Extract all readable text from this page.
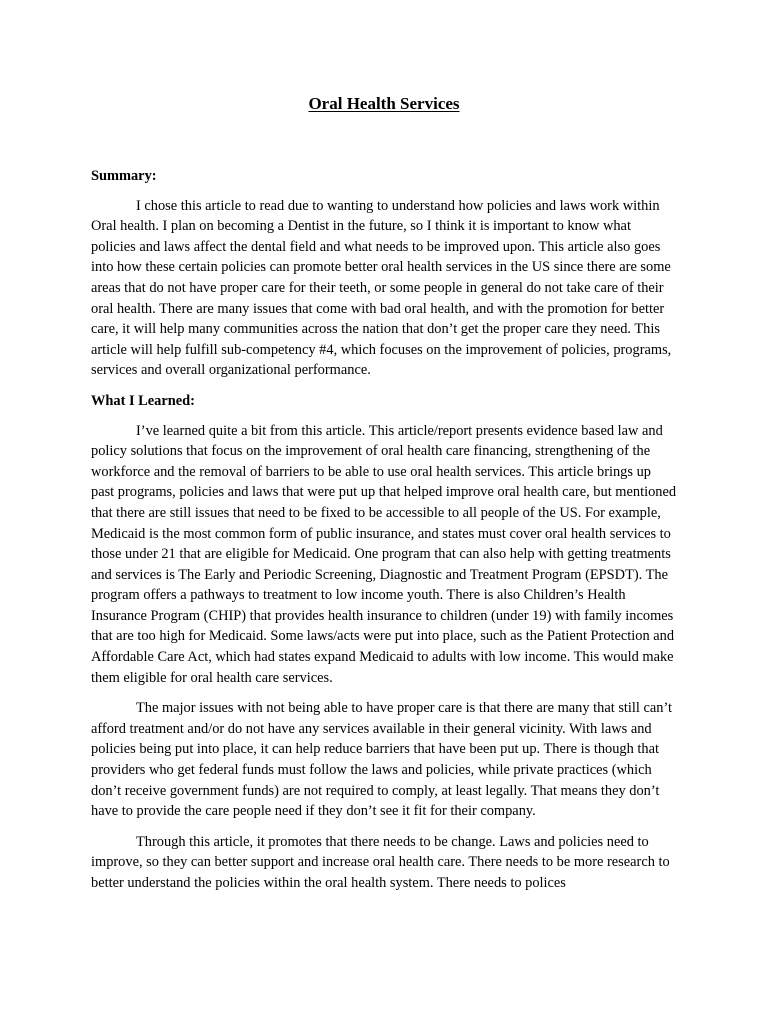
Oral Health Services

Summary:

I chose this article to read due to wanting to understand how policies and laws work within Oral health. I plan on becoming a Dentist in the future, so I think it is important to know what policies and laws affect the dental field and what needs to be improved upon. This article also goes into how these certain policies can promote better oral health services in the US since there are some areas that do not have proper care for their teeth, or some people in general do not take care of their oral health. There are many issues that come with bad oral health, and with the promotion for better care, it will help many communities across the nation that don’t get the proper care they need. This article will help fulfill sub-competency #4, which focuses on the improvement of policies, programs, services and overall organizational performance.

What I Learned:

I’ve learned quite a bit from this article. This article/report presents evidence based law and policy solutions that focus on the improvement of oral health care financing, strengthening of the workforce and the removal of barriers to be able to use oral health services. This article brings up past programs, policies and laws that were put up that helped improve oral health care, but mentioned that there are still issues that need to be fixed to be accessible to all people of the US. For example, Medicaid is the most common form of public insurance, and states must cover oral health services to those under 21 that are eligible for Medicaid. One program that can also help with getting treatments and services is The Early and Periodic Screening, Diagnostic and Treatment Program (EPSDT). The program offers a pathways to treatment to low income youth. There is also Children’s Health Insurance Program (CHIP) that provides health insurance to children (under 19) with family incomes that are too high for Medicaid. Some laws/acts were put into place, such as the Patient Protection and Affordable Care Act, which had states expand Medicaid to adults with low income. This would make them eligible for oral health care services.

The major issues with not being able to have proper care is that there are many that still can’t afford treatment and/or do not have any services available in their general vicinity. With laws and policies being put into place, it can help reduce barriers that have been put up. There is though that providers who get federal funds must follow the laws and policies, while private practices (which don’t receive government funds) are not required to comply, at least legally. That means they don’t have to provide the care people need if they don’t see it fit for their company.

Through this article, it promotes that there needs to be change. Laws and policies need to improve, so they can better support and increase oral health care. There needs to be more research to better understand the policies within the oral health system. There needs to polices
